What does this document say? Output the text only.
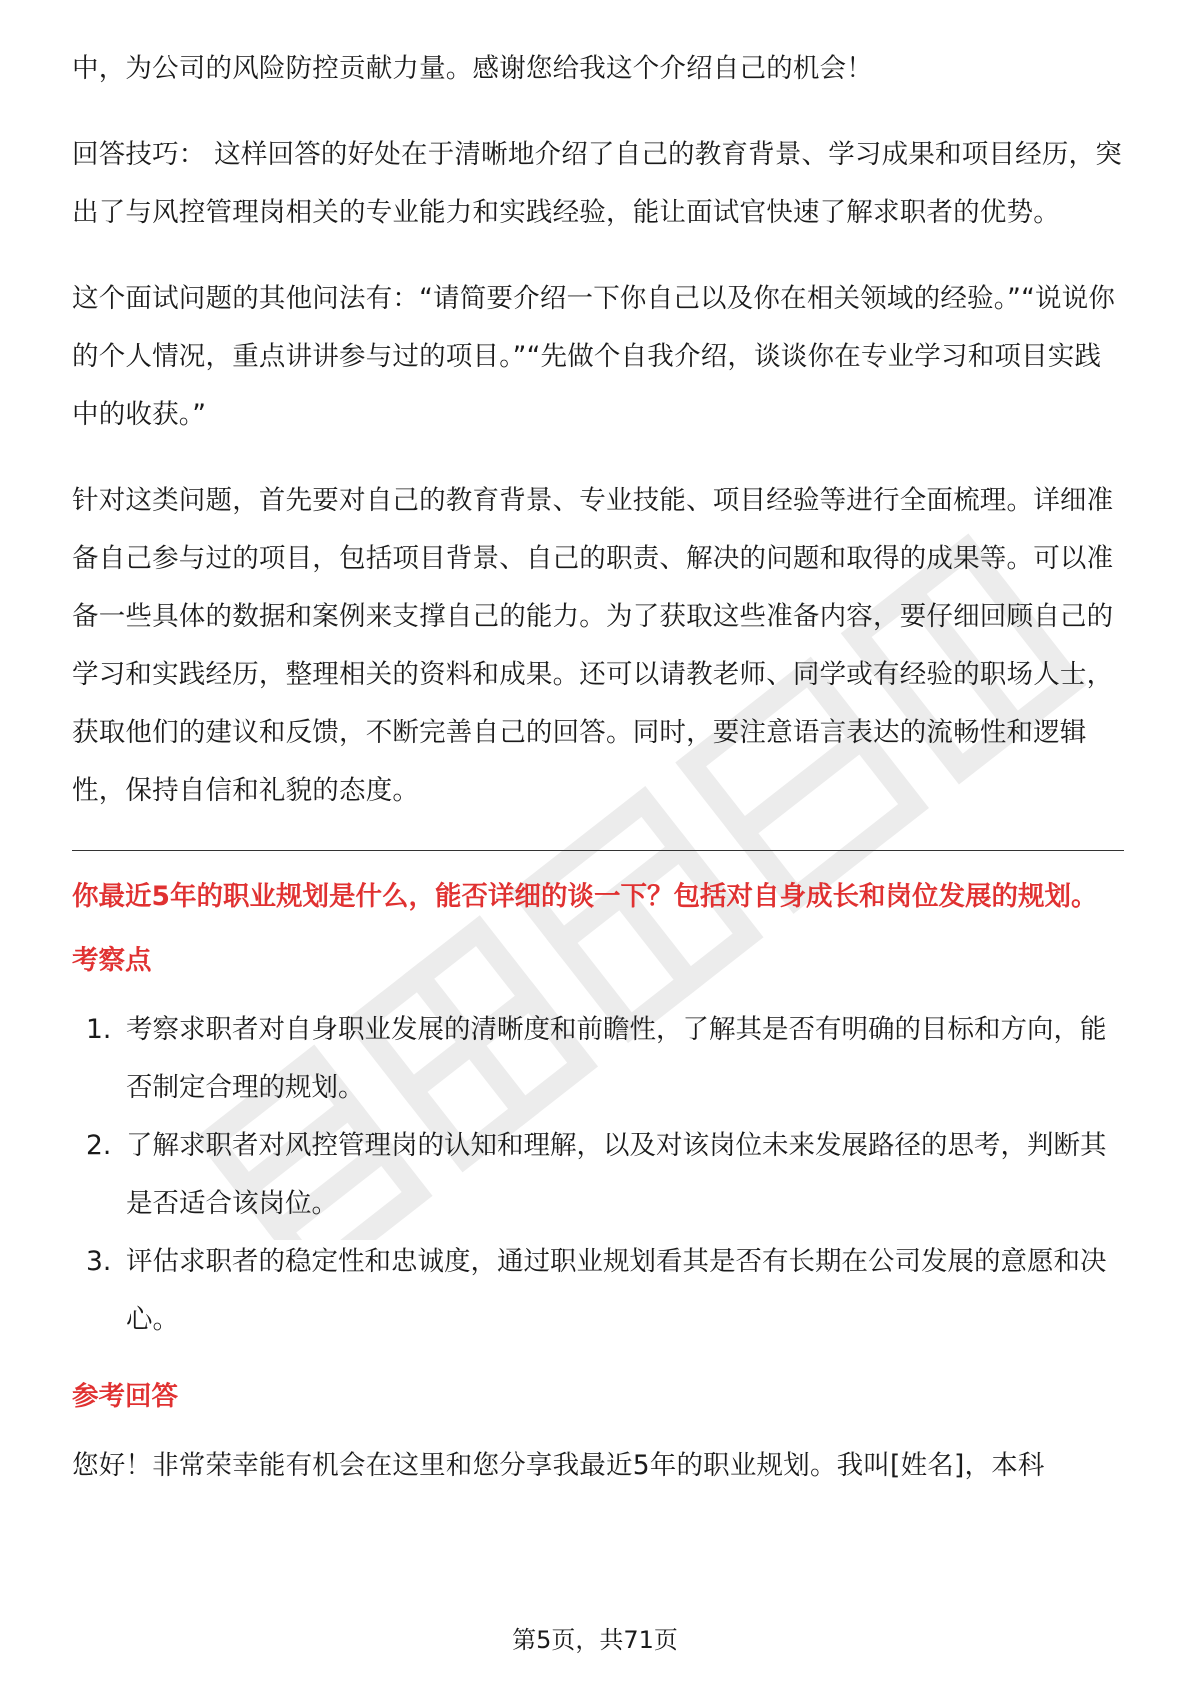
中，为公司的风险防控贡献力量。感谢您给我这个介绍自己的机会！

回答技巧： 这样回答的好处在于清晰地介绍了自己的教育背景、学习成果和项目经历，突出了与风控管理岗相关的专业能力和实践经验，能让面试官快速了解求职者的优势。

这个面试问题的其他问法有：“请简要介绍一下你自己以及你在相关领域的经验。”“说说你的个人情况，重点讲讲参与过的项目。”“先做个自我介绍，谈谈你在专业学习和项目实践中的收获。”

针对这类问题，首先要对自己的教育背景、专业技能、项目经验等进行全面梳理。详细准备自己参与过的项目，包括项目背景、自己的职责、解决的问题和取得的成果等。可以准备一些具体的数据和案例来支撑自己的能力。为了获取这些准备内容，要仔细回顾自己的学习和实践经历，整理相关的资料和成果。还可以请教老师、同学或有经验的职场人士，获取他们的建议和反馈，不断完善自己的回答。同时，要注意语言表达的流畅性和逻辑性，保持自信和礼貌的态度。

你最近5年的职业规划是什么，能否详细的谈一下？包括对自身成长和岗位发展的规划。

考察点
1. 考察求职者对自身职业发展的清晰度和前瞻性，了解其是否有明确的目标和方向，能否制定合理的规划。
2. 了解求职者对风控管理岗的认知和理解，以及对该岗位未来发展路径的思考，判断其是否适合该岗位。
3. 评估求职者的稳定性和忠诚度，通过职业规划看其是否有长期在公司发展的意愿和决心。
参考回答

您好！非常荣幸能有机会在这里和您分享我最近5年的职业规划。我叫[姓名]，本科

第5页，共71页
